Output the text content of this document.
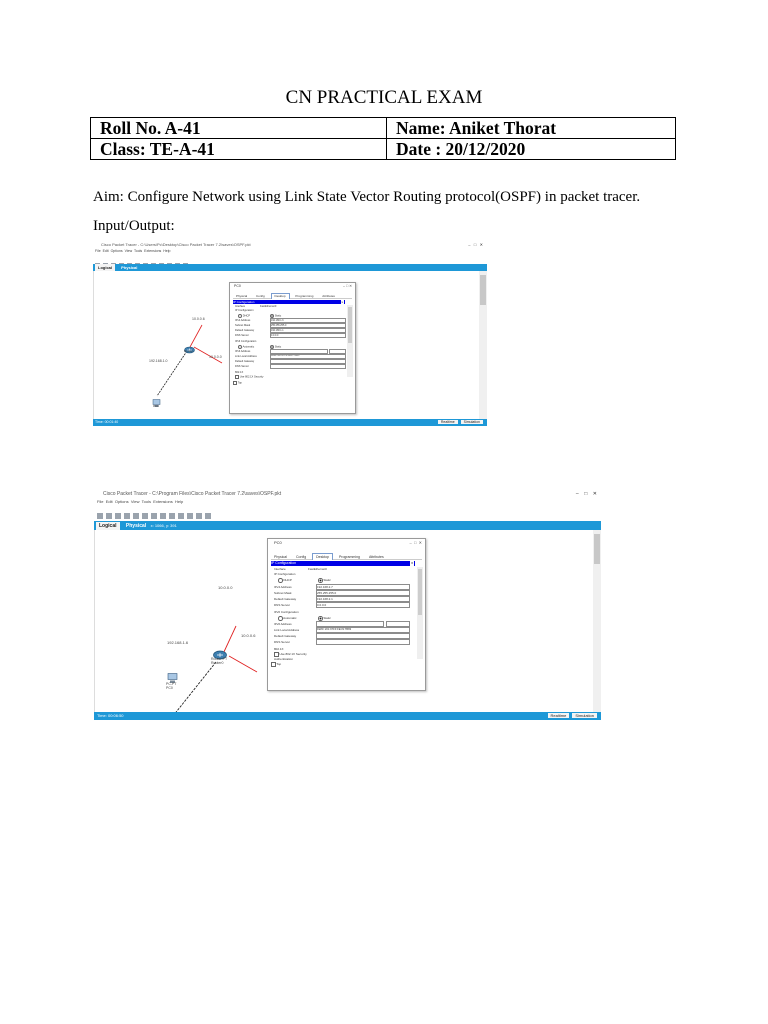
CN PRACTICAL EXAM
Roll No. A-41	Name: Aniket Thorat
Class: TE-A-41	Date : 20/12/2020
Aim: Configure Network using Link State Vector Routing protocol(OSPF) in packet tracer.
Input/Output:
Cisco Packet Tracer - C:\Users\Pc\Desktop\Cisco Packet Tracer 7.2\saves\OSPF.pkt	– □ ✕
File Edit Options View Tools Extensions Help
Logical Physical
10.0.0.6
192.168.1.0
10.0.0.0
Router
PC0
PC0	– □ ✕
Physical	Config	Desktop	Programming	Attributes
IP Configuration	x
Interface	FastEthernet0
IP Configuration
DHCP	Static
IPv4 Address	192.168.1.6
Subnet Mask	255.255.255.0
Default Gateway	192.168.1.1
DNS Server	0.0.0.0
IPv6 Configuration
Automatic	Static
IPv6 Address
Link Local Address	FE80::2E0:F7FF:FE6C:7EE5
Default Gateway
DNS Server
802.1X
Use 802.1X Security
Top
Time: 00:01:40	Realtime	Simulation
Cisco Packet Tracer - C:\Program Files\Cisco Packet Tracer 7.2\saves\OSPF.pkt	– □ ✕
File Edit Options View Tools Extensions Help
Logical Physical x: 1066, y: 391
10.0.0.0
10.0.0.6
192.168.1.6
Router-PT Router0
PC-PT PC0
PC0	– □ ✕
Physical	Config	Desktop	Programming	Attributes
IP Configuration	x
Interface	FastEthernet0
IP Configuration
DHCP	Static
IPv4 Address	192.168.2.7
Subnet Mask	255.255.255.0
Default Gateway	192.168.2.1
DNS Server	0.0.0.0
IPv6 Configuration
Automatic	Static
IPv6 Address
Link Local Address	FE80::201:97FF:FEC9:7B83
Default Gateway
DNS Server
802.1X
Use 802.1X Security
Authentication
Top
Time: 00:06:50	Realtime Simulation
